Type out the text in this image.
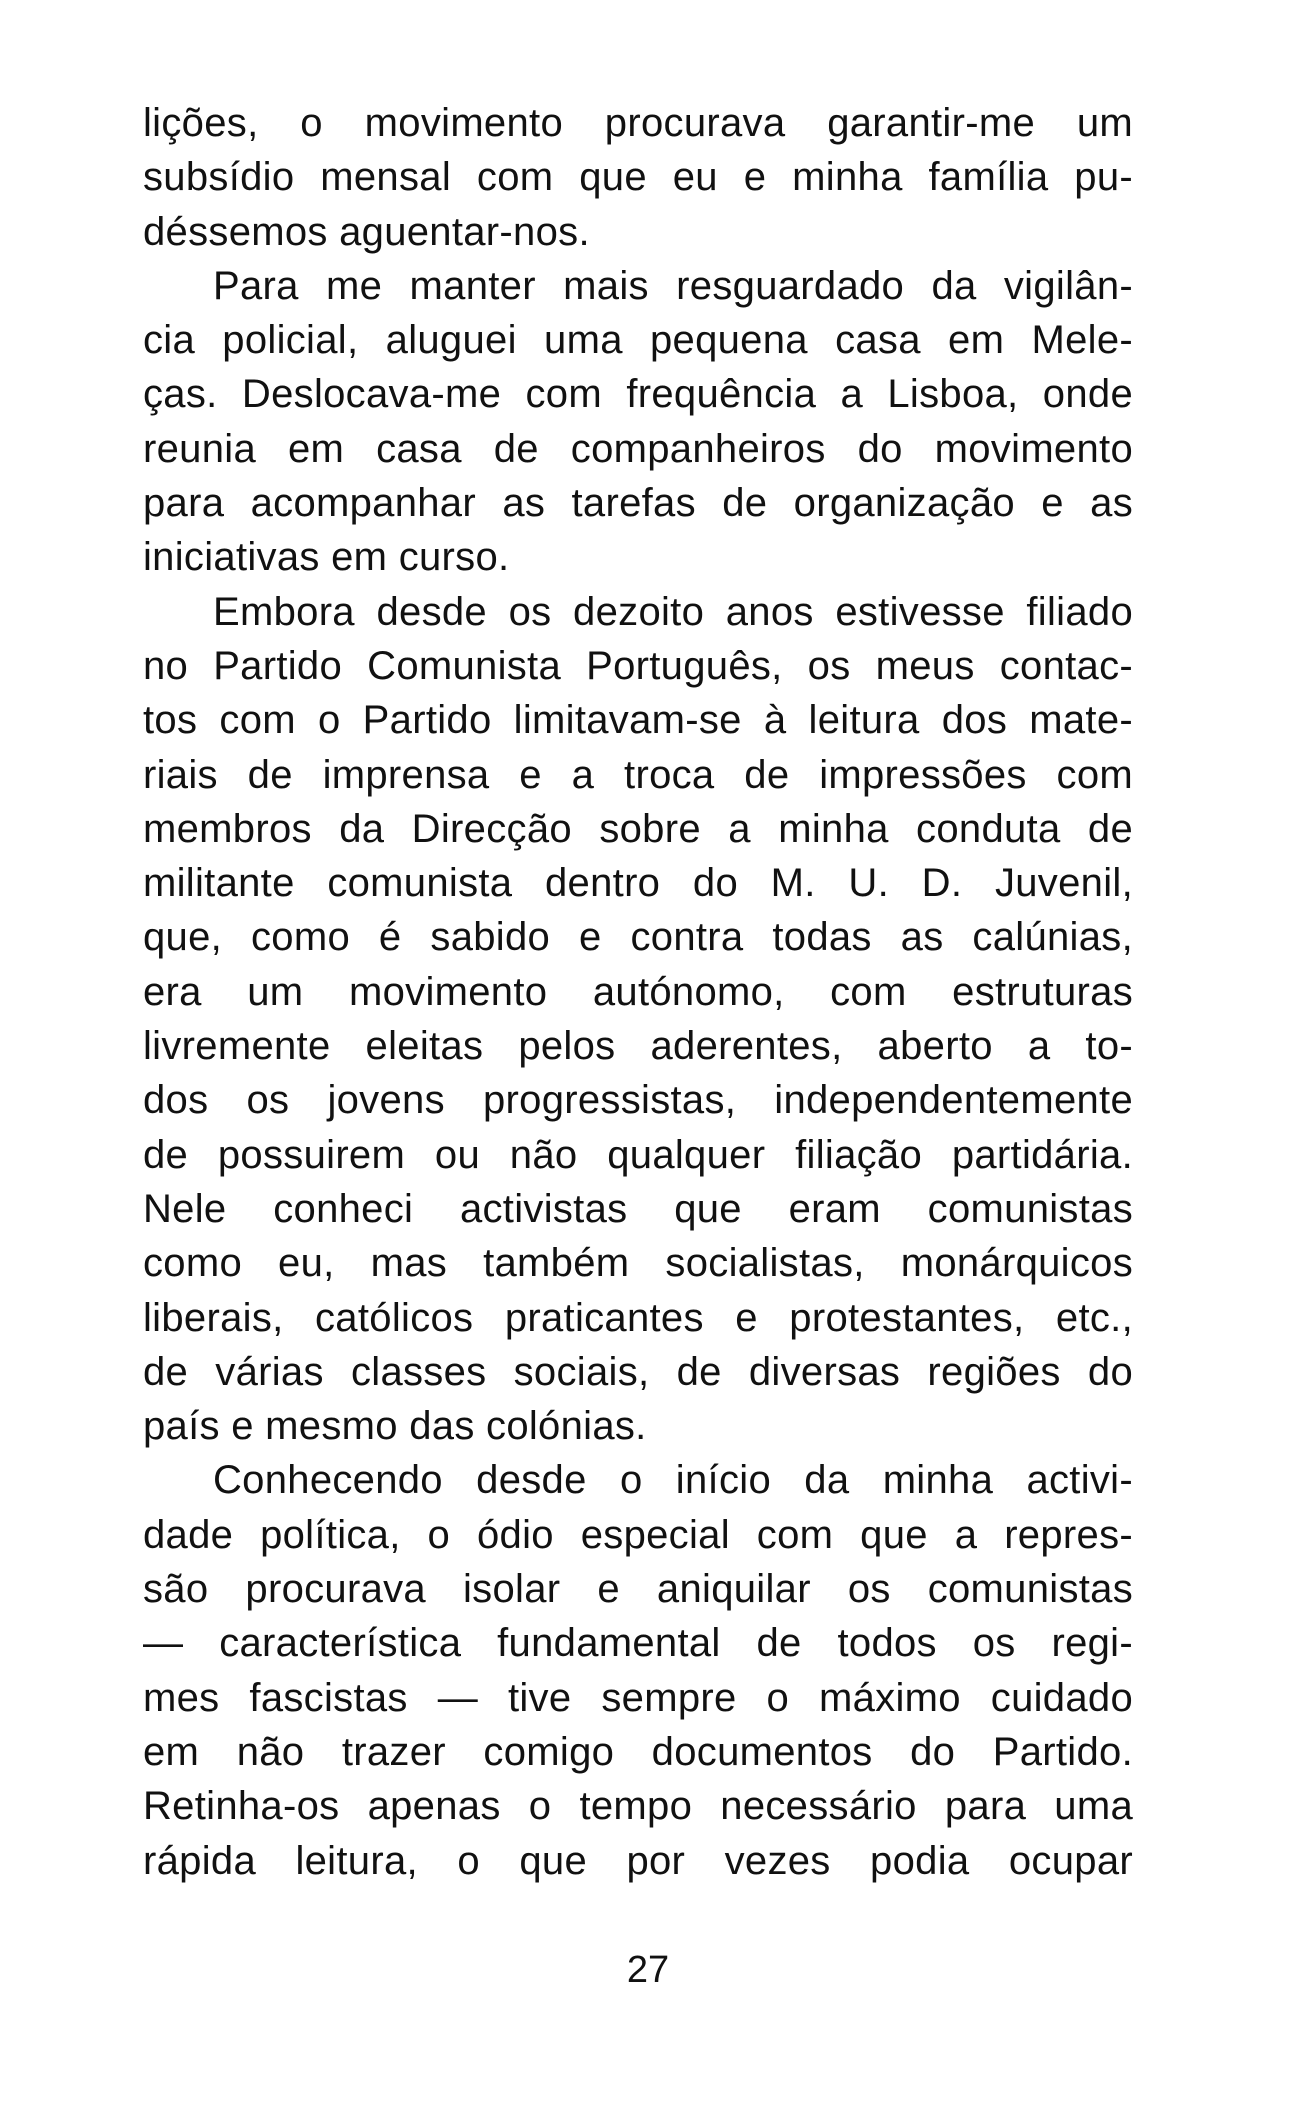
lições, o movimento procurava garantir-me um
subsídio mensal com que eu e minha família pu-
déssemos aguentar-nos.
Para me manter mais resguardado da vigilân-
cia policial, aluguei uma pequena casa em Mele-
ças. Deslocava-me com frequência a Lisboa, onde
reunia em casa de companheiros do movimento
para acompanhar as tarefas de organização e as
iniciativas em curso.
Embora desde os dezoito anos estivesse filiado
no Partido Comunista Português, os meus contac-
tos com o Partido limitavam-se à leitura dos mate-
riais de imprensa e a troca de impressões com
membros da Direcção sobre a minha conduta de
militante comunista dentro do M. U. D. Juvenil,
que, como é sabido e contra todas as calúnias,
era um movimento autónomo, com estruturas
livremente eleitas pelos aderentes, aberto a to-
dos os jovens progressistas, independentemente
de possuirem ou não qualquer filiação partidária.
Nele conheci activistas que eram comunistas
como eu, mas também socialistas, monárquicos
liberais, católicos praticantes e protestantes, etc.,
de várias classes sociais, de diversas regiões do
país e mesmo das colónias.
Conhecendo desde o início da minha activi-
dade política, o ódio especial com que a repres-
são procurava isolar e aniquilar os comunistas
— característica fundamental de todos os regi-
mes fascistas — tive sempre o máximo cuidado
em não trazer comigo documentos do Partido.
Retinha-os apenas o tempo necessário para uma
rápida leitura, o que por vezes podia ocupar
27
